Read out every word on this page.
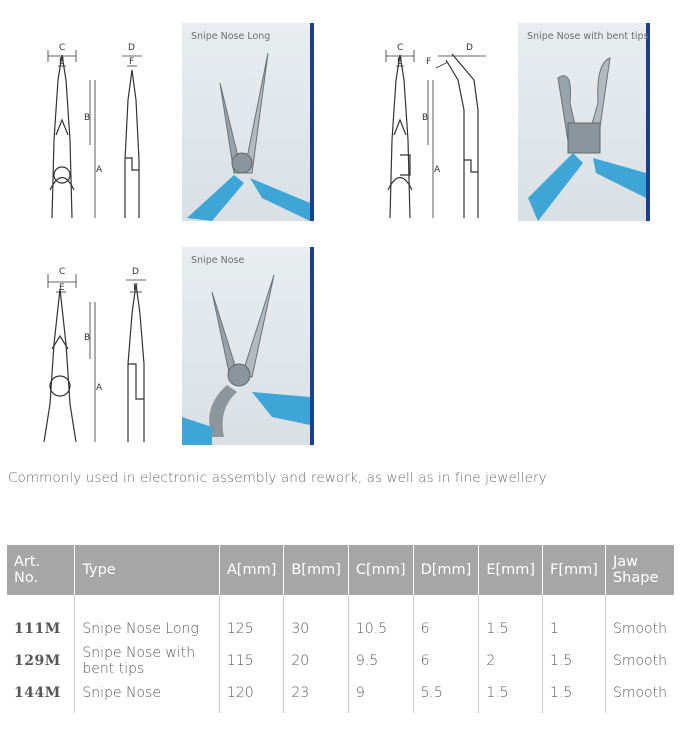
C
E
D
F
B
A
Snipe Nose Long
C
E
D
F
B
A
Snipe Nose with bent tips
C
E
D
F
B
A
Snipe Nose
Commonly used in electronic assembly and rework, as well as in fine jewellery
Art. No.	Type	A[mm]	B[mm]	C[mm]	D[mm]	E[mm]	F[mm]	Jaw Shape
111M	Snipe Nose Long	125	30	10.5	6	1.5	1	Smooth
129M	Snipe Nose with bent tips	115	20	9.5	6	2	1.5	Smooth
144M	Snipe Nose	120	23	9	5.5	1.5	1.5	Smooth
